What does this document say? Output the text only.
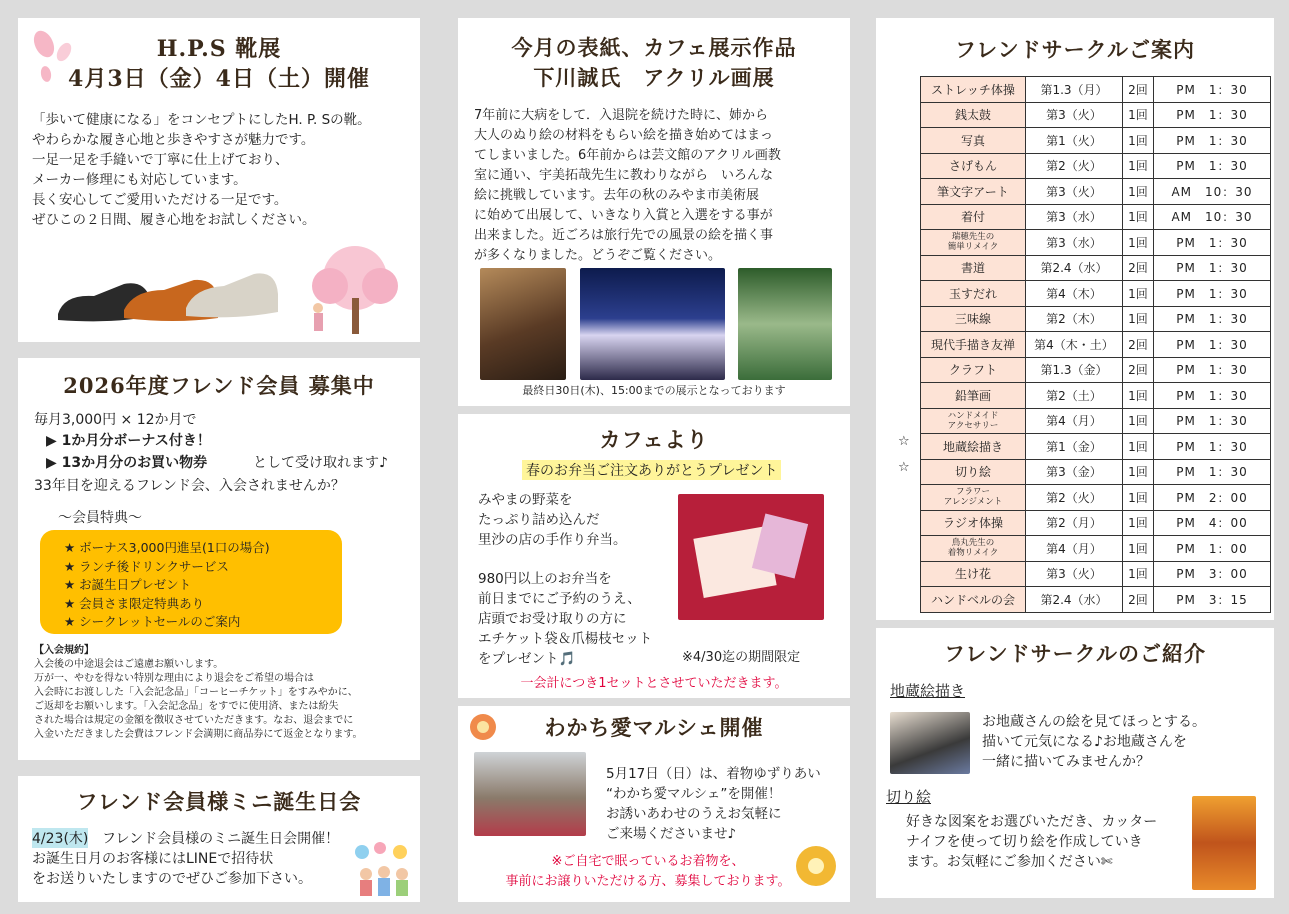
H.P.S 靴展
4月3日（金）4日（土）開催
「歩いて健康になる」をコンセプトにしたH. P. Sの靴。
やわらかな履き心地と歩きやすさが魅力です。
一足一足を手縫いで丁寧に仕上げており、
メーカー修理にも対応しています。
長く安心してご愛用いただける一足です。
ぜひこの２日間、履き心地をお試しください。
2026年度フレンド会員 募集中
毎月3,000円 × 12か月で
▶ 1か月分ボーナス付き！
▶ 13か月分のお買い物券	として受け取れます♪
33年目を迎えるフレンド会、入会されませんか？
～会員特典～
★ ボーナス3,000円進呈(1口の場合)
★ ランチ後ドリンクサービス
★ お誕生日プレゼント
★ 会員さま限定特典あり
★ シークレットセールのご案内
【入会規約】
入会後の中途退会はご遠慮お願いします。
万が一、やむを得ない特別な理由により退会をご希望の場合は
入会時にお渡しした「入会記念品」「コーヒーチケット」をすみやかに、
ご返却をお願いします。「入会記念品」をすでに使用済、または紛失
された場合は規定の金額を徴収させていただきます。なお、退会までに
入金いただきました会費はフレンド会満期に商品券にて返金となります。
フレンド会員様ミニ誕生日会
4/23(木) フレンド会員様のミニ誕生日会開催！
お誕生日月のお客様にはLINEで招待状
をお送りいたしますのでぜひご参加下さい。
今月の表紙、カフェ展示作品
下川誠氏　アクリル画展
7年前に大病をして．入退院を続けた時に、姉から
大人のぬり絵の材料をもらい絵を描き始めてはまっ
てしまいました。6年前からは芸文館のアクリル画教
室に通い、宇美拓哉先生に教わりながら　いろんな
絵に挑戦しています。去年の秋のみやま市美術展
に始めて出展して、いきなり入賞と入選をする事が
出来ました。近ごろは旅行先での風景の絵を描く事
が多くなりました。どうぞご覧ください。
最終日30日(木)、15:00までの展示となっております
カフェより
春のお弁当ご注文ありがとうプレゼント
みやまの野菜を
たっぷり詰め込んだ
里沙の店の手作り弁当。
980円以上のお弁当を
前日までにご予約のうえ、
店頭でお受け取りの方に
エチケット袋＆爪楊枝セット
をプレゼント🎵	※4/30迄の期間限定
一会計につき1セットとさせていただきます。
わかち愛マルシェ開催
5月17日（日）は、着物ゆずりあい
“わかち愛マルシェ”を開催！
お誘いあわせのうえお気軽に
ご来場くださいませ♪
※ご自宅で眠っているお着物を、
事前にお譲りいただける方、募集しております。
フレンドサークルご案内
ストレッチ体操	第1.3（月）	2回	PM　1：30
銭太鼓	第3（火）	1回	PM　1：30
写真	第1（火）	1回	PM　1：30
さげもん	第2（火）	1回	PM　1：30
筆文字アート	第3（火）	1回	AM　10：30
着付	第3（水）	1回	AM　10：30

瑞穂先生の
簡単リメイク	第3（水）	1回	PM　1：30
書道	第2.4（水）	2回	PM　1：30
玉すだれ	第4（木）	1回	PM　1：30
三味線	第2（木）	1回	PM　1：30
現代手描き友禅	第4（木・土）	2回	PM　1：30
クラフト	第1.3（金）	2回	PM　1：30
鉛筆画	第2（土）	1回	PM　1：30

ハンドメイド
アクセサリー	第4（月）	1回	PM　1：30
地蔵絵描き	第1（金）	1回	PM　1：30
切り絵	第3（金）	1回	PM　1：30

フラワー
アレンジメント	第2（火）	1回	PM　2：00
ラジオ体操	第2（月）	1回	PM　4：00

鳥丸先生の
着物リメイク	第4（月）	1回	PM　1：00
生け花	第3（火）	1回	PM　3：00
ハンドベルの会	第2.4（水）	2回	PM　3：15
☆
☆
フレンドサークルのご紹介
地蔵絵描き
お地蔵さんの絵を見てほっとする。
描いて元気になる♪お地蔵さんを
一緒に描いてみませんか？
切り絵
好きな図案をお選びいただき、カッター
ナイフを使って切り絵を作成していき
ます。お気軽にご参加ください✄
